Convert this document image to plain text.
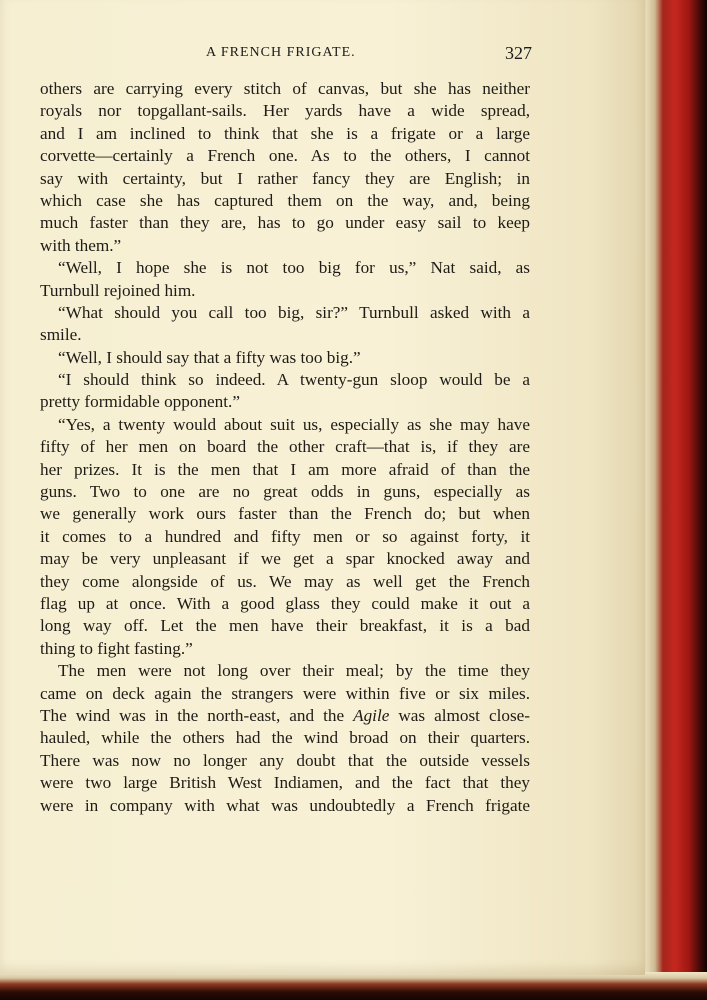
A FRENCH FRIGATE.	327
others are carrying every stitch of canvas, but she has neither
royals nor topgallant-sails. Her yards have a wide spread,
and I am inclined to think that she is a frigate or a large
corvette—certainly a French one. As to the others, I cannot
say with certainty, but I rather fancy they are English; in
which case she has captured them on the way, and, being
much faster than they are, has to go under easy sail to keep
with them.”
“Well, I hope she is not too big for us,” Nat said, as
Turnbull rejoined him.
“What should you call too big, sir?” Turnbull asked with a
smile.
“Well, I should say that a fifty was too big.”
“I should think so indeed. A twenty-gun sloop would be a
pretty formidable opponent.”
“Yes, a twenty would about suit us, especially as she may have
fifty of her men on board the other craft—that is, if they are
her prizes. It is the men that I am more afraid of than the
guns. Two to one are no great odds in guns, especially as
we generally work ours faster than the French do; but when
it comes to a hundred and fifty men or so against forty, it
may be very unpleasant if we get a spar knocked away and
they come alongside of us. We may as well get the French
flag up at once. With a good glass they could make it out a
long way off. Let the men have their breakfast, it is a bad
thing to fight fasting.”
The men were not long over their meal; by the time they
came on deck again the strangers were within five or six miles.
The wind was in the north-east, and the Agile was almost close-
hauled, while the others had the wind broad on their quarters.
There was now no longer any doubt that the outside vessels
were two large British West Indiamen, and the fact that they
were in company with what was undoubtedly a French frigate
